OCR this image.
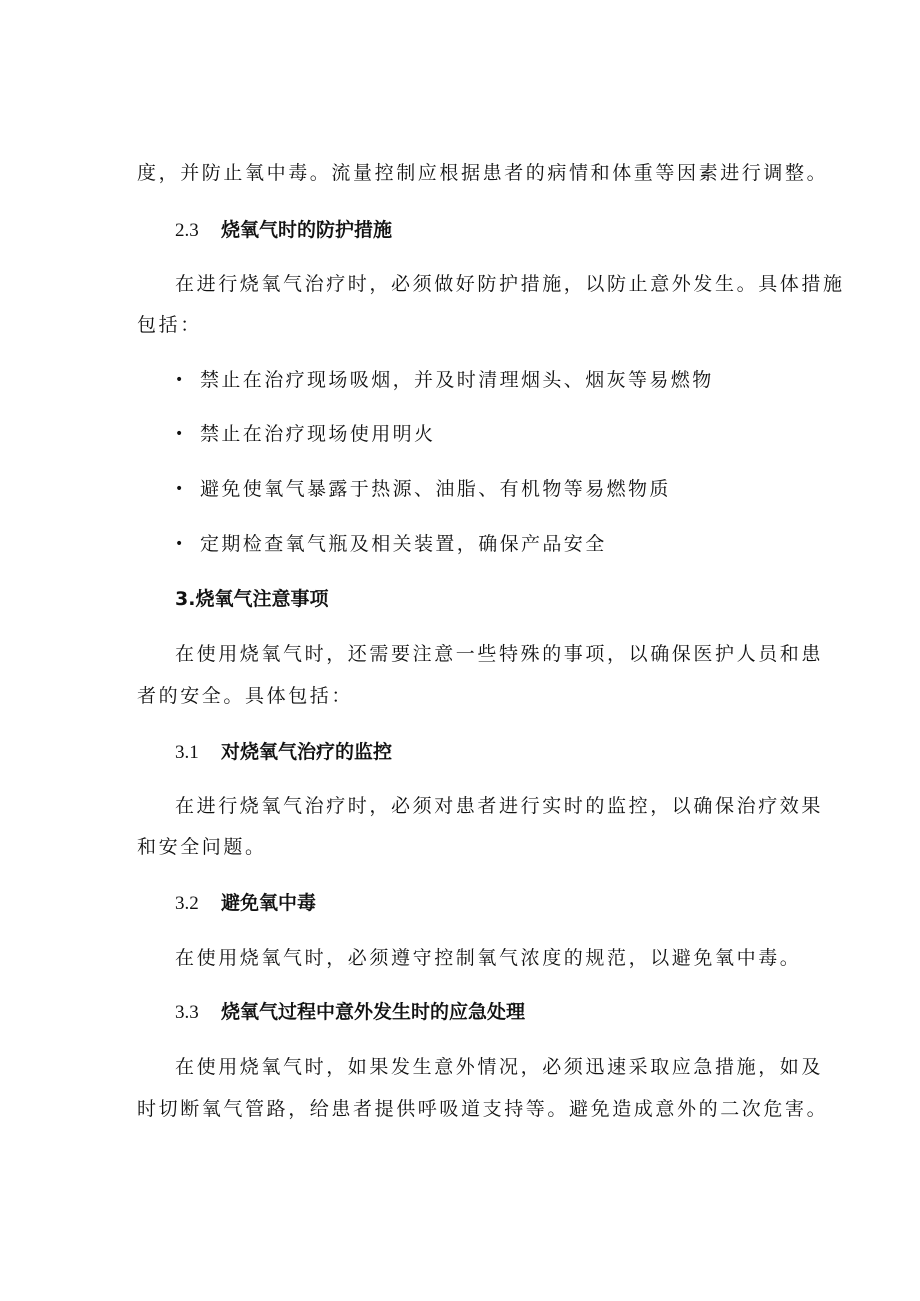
度，并防止氧中毒。流量控制应根据患者的病情和体重等因素进行调整。
2.3 烧氧气时的防护措施
在进行烧氧气治疗时，必须做好防护措施，以防止意外发生。具体措施
包括：
• 禁止在治疗现场吸烟，并及时清理烟头、烟灰等易燃物
• 禁止在治疗现场使用明火
• 避免使氧气暴露于热源、油脂、有机物等易燃物质
• 定期检查氧气瓶及相关装置，确保产品安全
3.烧氧气注意事项
在使用烧氧气时，还需要注意一些特殊的事项，以确保医护人员和患
者的安全。具体包括：
3.1 对烧氧气治疗的监控
在进行烧氧气治疗时，必须对患者进行实时的监控，以确保治疗效果
和安全问题。
3.2 避免氧中毒
在使用烧氧气时，必须遵守控制氧气浓度的规范，以避免氧中毒。
3.3 烧氧气过程中意外发生时的应急处理
在使用烧氧气时，如果发生意外情况，必须迅速采取应急措施，如及
时切断氧气管路，给患者提供呼吸道支持等。避免造成意外的二次危害。
